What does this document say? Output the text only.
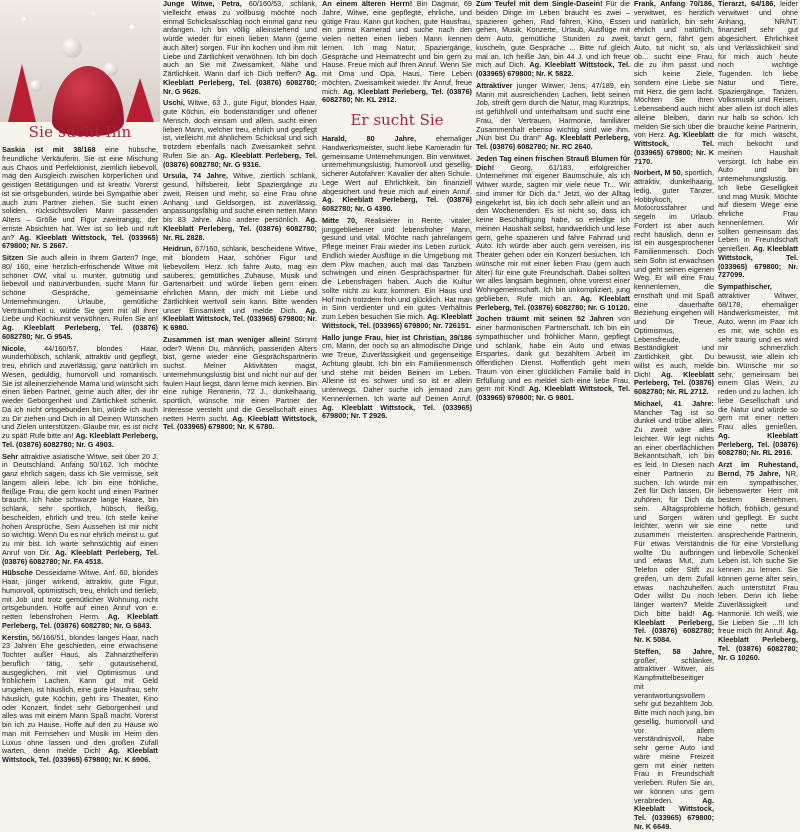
✦
✦
✧
Sie sucht Ihn

Saskia ist mit 38/168 eine hübsche, freundliche Verkäuferin. Sie ist eine Mischung aus Chaos und Perfektionist, ziemlich liebevoll, mag den Ausgleich zwischen körperlichen und geistigen Betätigungen und ist kreativ. Vorerst ist sie ortsgebunden, würde bei Sympathie aber auch zum Partner ziehen. Sie sucht einen soliden, rücksichtsvollen Mann passenden Alters – Größe und Figur zweitrangig, der ernste Absichten hat. Wer ist so lieb und ruft an? Ag. Kleeblatt Wittstock, Tel. (033965) 679800; Nr. S 2667.

Sitzen Sie auch allein in Ihrem Garten? Inge, 80/ 160, eine herzlich-erfrischende Witwe mit schöner OW, vital u. munter, gutmütig und liebevoll und naturverbunden, sucht Mann für schöne Gespräche, gemeinsame Unternehmungen. Urlaube, gemütliche Verträumtheit u. würde Sie gern mit all ihrer Liebe und Kochkunst verwöhnen. Rufen Sie an! Ag. Kleeblatt Perleberg, Tel. (03876) 6082780; Nr. G 9545.

Nicole, 44/160/57, blondes Haar, wunderhübsch, schlank, attraktiv und gepflegt, treu, ehrlich und zuverlässig, ganz natürlich im Wesen, geduldig, humorvoll und romantisch. Sie ist alleinerziehende Mama und wünscht sich einen lieben Partner, gerne auch älter, der ihr wieder Geborgenheit und Zärtlichkeit schenkt. Da ich nicht ortsgebunden bin, würde ich auch zu Dir ziehen und Dich in all Deinen Wünschen und Zielen unterstützen. Glaube mir, es ist nicht zu spät! Rufe bitte an! Ag. Kleeblatt Perleberg, Tel. (03876) 6082780; Nr. G 4903.

Sehr attraktive asiatische Witwe, seit über 20 J. in Deutschland. Anfang 50/162. Ich möchte ganz ehrlich sagen, dass ich Sie vermisse, seit langem allein lebe. Ich bin eine fröhliche, fleißige Frau, die gern kocht und einen Partner braucht. Ich habe schwarze lange Haare, bin schlank, sehr sportlich, hübsch, fleißig, bescheiden, ehrlich und treu. Ich stelle keine hohen Ansprüche, Sein Aussehen ist mir nicht so wichtig. Wenn Du es nur ehrlich meinst u. gut zu mir bist. Ich warte sehnsüchtig auf einen Anruf von Dir. Ag. Kleeblatt Perleberg, Tel. (03876) 6082780; Nr. FA 4518.

Hübsche Desseidame Witwe, Anf. 60, blondes Haar, jünger wirkend, attraktiv, gute Figur, humorvoll, optimistisch, treu, ehrlich und tierlieb, mit Job und trotz gemütlicher Wohnung nicht ortsgebunden. Hoffe auf einen Anruf von e. netten lebensfrohen Herrn. Ag. Kleeblatt Perleberg, Tel. (03876) 6082780; Nr. G 6843.

Kerstin, 56/166/51, blondes langes Haar, nach 23 Jahren Ehe geschieden, eine erwachsene Tochter außer Haus, als Zahnarzthelferin beruflich tätig, sehr gutaussehend, ausgeglichen, mit viel Optimismus und fröhlichem Lachen. Kann gut mit Geld umgehen, ist häuslich, eine gute Hausfrau, sehr häuslich, gute Köchin, geht ins Theater, Kino oder Konzert, findet sehr Geborgenheit und alles was mit einem Mann Spaß macht. Vorerst bin ich zu Hause. Hoffe auf den zu Hause wo man mit Fernsehen und Musik im Heim den Luxus ohne lassen und den großen Zufall warten, denn melde Dich! Ag. Kleeblatt Wittstock, Tel. (033965) 679800; Nr. K 6906.

Junge Witwe, Petra, 60/160/53, schlank, vielleicht etwas zu vollbusig möchte noch einmal Schicksalsschlag noch einmal ganz neu anfangen. Ich bin völlig alleinstehend und würde wieder für einen lieben Mann (gerne auch älter) sorgen. Für ihn kochen und ihm mit Liebe und Zärtlichkeit verwöhnen. Ich bin doch auch an Sie mit Zweisamkeit, Nähe und Zärtlichkeit. Wann darf ich Dich treffen? Ag. Kleeblatt Perleberg, Tel. (03876) 6082780; Nr. G 9626.

Uschi, Witwe, 63 J., gute Figur, blondes Haar, gute Köchin, ein bodenständiger und offener Mensch, doch einsam und allein, sucht einen lieben Mann, welcher treu, ehrlich und gepflegt ist, vielleicht mit ähnlichem Schicksal und sich trotzdem ebenfalls nach Zweisamkeit sehnt. Rufen Sie an. Ag. Kleeblatt Perleberg, Tel. (03876) 6082780; Nr. G 9316.

Ursula, 74 Jahre, Witwe, ziertlich schlank, gesund, hilfsbereit, liebt Spaziergänge zu zweit, Reisen und mehr, so eine Frau ohne Anhang und Geldsorgen, ist zuverlässig, anpassungsfähig und suche einen netten Mann bis 83 Jahre. Also andere persönlich. Ag. Kleeblatt Perleberg, Tel. (03876) 6082780; Nr. RL 2828.

Heidrun, 67/160, schlank, bescheidene Witwe, mit blondem Haar, schöner Figur und liebevollem Herz. Ich fahre Auto, mag ein sauberes, gemütliches Zuhause, Musik und Gartenarbeit und würde lieben gern einen ehrlichen Mann, der mich mit Liebe und Zärtlichkeit wertvoll sein kann. Bitte wenden unser Einsamkeit und melde Dich. Ag. Kleeblatt Wittstock, Tel. (033965) 679800; Nr. K 6980.

Zusammen ist man weniger allein! Stimmt oder? Wenn Du, männlich, passenden Alters bist, gerne wieder eine Gesprächspartnerin suchst. Meiner Aktivitäten magst, unternehmungslustig bist und nicht nur auf der faulen Haut liegst, dann lerne mich kennen. Bin eine ruhige Rentnerin, 72 J., dunkelhaarig, sportlich, wünsche mir einen Partner der Interesse versteht und die Gesellschaft eines netten Herrn sucht. Ag. Kleeblatt Wittstock, Tel. (033965) 679800; Nr. K 6780.

An einem älteren Herrn! Bin Dagmar, 69 Jahre, Witwe, eine gepflegte, ehrliche, und gütige Frau. Kann gut kochen, gute Hausfrau, ein prima Kamerad und suche nach den vielen netten einen lieben Mann kennen lernen. Ich mag Natur, Spaziergänge, Gespräche und Heimatrecht und bin gern zu Hause. Freue mich auf Ihren Anruf. Wenn Sie mit Oma und Opa, Haus, Tiere Leben möchten, Zweisamkeit wieder. Ihr Anruf, freue mich. Ag. Kleeblatt Perleberg, Tel. (03876) 6082780; Nr. KL 2912.

Er sucht Sie

Harald, 80 Jahre, ehemaliger Handwerksmeister, sucht liebe Kameradin für gemeinsame Unternehmungen. Bin verwitwet, unternehmungslustig, humorvoll und gesellig, sicherer Autofahrer. Kavalier der alten Schule. Lege Wert auf Ehrlichkeit, bin finanziell abgesichert und freue mich auf einen Anruf. Ag. Kleeblatt Perleberg, Tel. (03876) 6082780; Nr. G 4390.

Mitte 70, Realisierer in Rente, vitaler, junggebliebener und lebensfroher Mann, gesund und vital. Möchte nach jahrelangem Pflege meiner Frau wieder ins Leben zurück. Endlich wieder Ausflüge in die Umgebung mit dem Pkw machen, auch mal das Tanzbein schwingen und einen Gesprächspartner für die Lebensfragen haben. Auch die Kultur sollte nicht zu kurz kommen. Ein Haus und Hof mich trotzdem froh und glücklich. Hat man in Sinn verdienter und ein gutes Verhältnis zum Leben besuchen Sie mich. Ag. Kleeblatt Wittstock, Tel. (033965) 679800; Nr. 726151.

Hallo junge Frau, hier ist Christian, 39/186 cm, Mann, der noch so an altmodische Dinge wie Treue, Zuverlässigkeit und gegenseitige Achtung glaubt. Ich bin ein Familienmensch und stehe mit beiden Beinen im Leben. Alleine ist es schwer und so ist er allein unterwegs. Daher suche ich jemand zum Kennenlernen. Ich warte auf Deinen Anruf. Ag. Kleeblatt Wittstock, Tel. (033965) 679800; Nr. T 2926.

Zum Teufel mit dem Single-Dasein! Für die beiden Dinge im Leben braucht es zwei – spazieren gehen, Rad fahren, Kino, Essen gehen, Musik, Konzerte, Urlaub, Ausflüge mit dem Auto, gemütliche Stunden zu zweit, kuscheln, gute Gespräche ... Bitte ruf gleich mal an. Ich heiße Jan, bin 44 J. und ich freue mich auf Dich. Ag. Kleeblatt Wittstock, Tel. (033965) 679800; Nr. K 5822.

Attraktiver junger Witwer, Jens, 47/189, ein Mann mit ausreichenden Lachen, liebt seinen Job, streift gern durch die Natur, mag Kurztrips, ist gefühlvoll und unterhaltsam und sucht eine Frau, der Vertrauen, Harmonie, familiärer Zusammenhalt ebenso wichtig sind wie ihm. „Nun bist Du dran!“ Ag. Kleeblatt Perleberg, Tel. (03876) 6082780; Nr. RC 2640.

Jeden Tag einen frischen Strauß Blumen für Dich! Georg, 61/183, erfolgreicher Unternehmer mit eigener Baumschule, als ich Witwer wurde, sagten mir viele neue Tr... Wir sind immer für Dich da.“ Jetzt, wo der Alltag eingekehrt ist, bin ich doch sehr allein und an den Wochenenden. Es ist nicht so, dass ich keine Beschäftigung habe, so erledige ich meinen Haushalt selbst, handwerklich und lese gern, gehe spazieren und fahre Fahrrad und Auto. Ich würde aber auch gern vereisen, ins Theater gehen oder ein Konzert besuchen. Ich wünsche mir mit einer lieben Frau (gern auch älter) für eine gute Freundschaft. Dabei sollten wir alles langsam beginnen, ohne vorerst einer Wohngemeinschaft. Ich bin unkompliziert, jung geblieben. Rufe mich an. Ag. Kleeblatt Perleberg, Tel. (03876) 6082780; Nr. G 10120.

Jochen träumt mit seinen 52 Jahren von einer harmonischen Partnerschaft. Ich bin ein sympathischer und fröhlicher Mann, gepflegt und schlank, habe ein Auto und etwas Erspartes, dank gut bezahltem Arbeit im öffentlichen Dienst. Hoffentlich geht mein Traum von einer glücklichen Familie bald in Erfüllung und es meldet sich eine liebe Frau, gern mit Kind! Ag. Kleeblatt Wittstock, Tel. (033965) 679800; Nr. G 9801.

Frank, Anfang 70/186, verwitwet, es herzlich und natürlich, bin sehr ehrlich und natürlich, tanzt gern, fährt gern Auto, tut nicht so, als ob... sucht eine Frau, die zu ihm passt und sich keine Ziele, sondern eine Liebe sie mit Herz, die gern lacht. Möchten Sie ihren Lebensabend auch nicht alleine bleiben, dann melden Sie sich über die von Herz. Ag. Kleeblatt Wittstock, Tel. (033965) 679800; Nr. K 7170.

Norbert, M 50, sportlich, attraktiv, dunkelhaarig, ledig, guter Tänzer, Hobbykoch, Motocrossfahrer und segeln im Urlaub. Fordert ist aber auch recht häuslich, denn er ist ein ausgesprochener Familienmensch. Doch sein Sohn ist erwachsen und geht seinen eigenen Weg. Er will eine Frau kennenlernen, die ernsthaft und mit Spaß eine dauerhafte Beziehung eingehen will und Dir Treue, Optimismus, Lebensfreude, Beständigkeit und Zärtlichkeit gibt. Du willst es auch, melde Dich! Ag. Kleeblatt Perleberg, Tel. (03876) 6082780; Nr. RL 2712.

Michael, 41 Jahre: Mancher Tag ist so dunkel und trübe allein. Zu zweit wäre alles leichter. Wir legt nichts an einer oberflächlichen Bekanntschaft, ich bin es leid. In Diesen nach einer Partnerin zu suchen. Ich würde mir Zeit für Dich lassen, Dir zuhören, für Dich da sein. Alltagsprobleme und Sorgen wären leichter, wenn wir sie zusammen meisterten. Für etwas Verständnis wollte Du aufbringen und etwas Mut, zum Telefon oder Stift zu greifen, um dem Zufall etwas nachzuhelfen. Oder willst Du noch länger warten? Melde Dich bitte bald! Ag. Kleeblatt Perleberg, Tel. (03876) 6082780; Nr. K 5084.

Steffen, 58 Jahre, großer, schlanker, attraktiver Witwer, als Kampfmittelbeseitiger mit verantwortungsvollem sehr gut bezahltem Job. Bitte mich noch jung, bin gesellig, humorvoll und vor allem verständnisvoll, habe sehr gerne Auto und wäre meine Freizeit gern mit einer netten Frau in Freundschaft verleben. Rufen Sie an, wir können uns gern verabreden. Ag. Kleeblatt Wittstock, Tel. (033965) 679800; Nr. K 6649.

Tierarzt, 64/186, leider verwitwet und ohne Anhang, NR/NT, finanziell sehr gut abgesichert. Ehrlichkeit und Verlässlichkeit sind für mich auch heute noch wichtige Tugenden. Ich liebe Natur und Tiere, Spaziergänge, Tanzen, Volksmusik und Reisen, aber allein ist doch alles nur halb so schön. Ich brauche keine Partnerin, die für mich wäscht, mich bekocht und meinen Haushalt versorgt. Ich habe ein Auto und bin unternehmungslustig. Ich liebe Geselligkeit und mag Musik. Möchte auf diesem Wege eine ehrliche Frau kennenlernen. Wir sollten gemeinsam das Leben in Freundschaft genießen. Ag. Kleeblatt Wittstock, Tel. (033965) 679800; Nr. 727099.

Sympathischer, attraktiver Witwer, 68/178, ehemaliger Handwerksmeister, mit Auto, wenn im Paar ich es mir, wie schön es sehr traurig und es wird mir schmerzlich bewusst, wie allein ich bin. Wünsche mir so sehr, gemeinsam bei einem Glas Wein, zu reden und zu lachen. Ich liebe Gesellschaft und die Natur und würde so gern mit einer netten Frau alles genießen. Ag. Kleeblatt Perleberg, Tel. (03876) 6082780; Nr. RL 2916.

Arzt im Ruhestand, Bernd, 75 Jahre, NR, ein sympathischer, liebenswerter Herr mit bestem Benehmen, höflich, fröhlich, gesund und gepflegt. Er sucht eine nette und ansprechende Partnerin, die für eine Vorstellung und liebevolle Schenkel Leben ist. Ich suche Sie kennen zu lernen. Sie können gerne älter sein, auch unterstützt Frau leben. Denn ich liebe Zuverlässigkeit und Harmonie. Ich weiß, wie Sie Lieben Sie ...!!! Ich freue mich Ihr Anruf. Ag. Kleeblatt Perleberg, Tel. (03876) 6082780; Nr. G 10260.
